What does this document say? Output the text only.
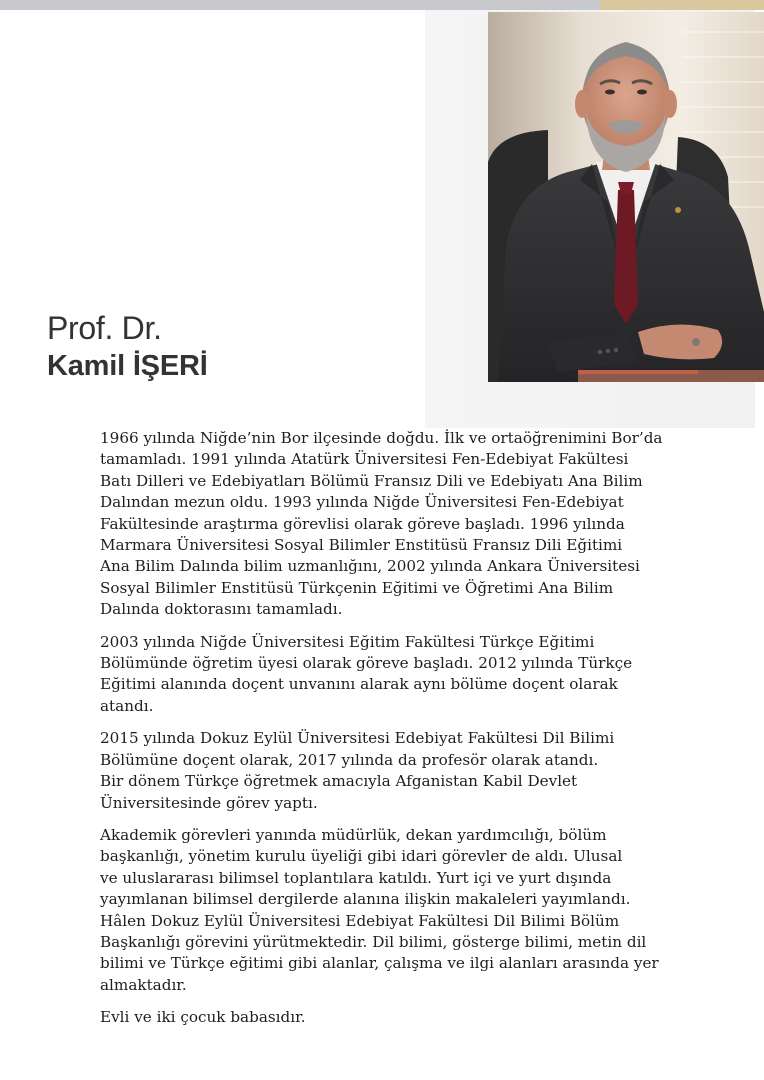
Prof. Dr.
Kamil İŞERİ

1966 yılında Niğde’nin Bor ilçesinde doğdu. İlk ve ortaöğrenimini Bor’da
tamamladı. 1991 yılında Atatürk Üniversitesi Fen-Edebiyat Fakültesi
Batı Dilleri ve Edebiyatları Bölümü Fransız Dili ve Edebiyatı Ana Bilim
Dalından mezun oldu. 1993 yılında Niğde Üniversitesi Fen-Edebiyat
Fakültesinde araştırma görevlisi olarak göreve başladı. 1996 yılında
Marmara Üniversitesi Sosyal Bilimler Enstitüsü Fransız Dili Eğitimi
Ana Bilim Dalında bilim uzmanlığını, 2002 yılında Ankara Üniversitesi
Sosyal Bilimler Enstitüsü Türkçenin Eğitimi ve Öğretimi Ana Bilim
Dalında doktorasını tamamladı.

2003 yılında Niğde Üniversitesi Eğitim Fakültesi Türkçe Eğitimi
Bölümünde öğretim üyesi olarak göreve başladı. 2012 yılında Türkçe
Eğitimi alanında doçent unvanını alarak aynı bölüme doçent olarak
atandı.

2015 yılında Dokuz Eylül Üniversitesi Edebiyat Fakültesi Dil Bilimi
Bölümüne doçent olarak, 2017 yılında da profesör olarak atandı.
Bir dönem Türkçe öğretmek amacıyla Afganistan Kabil Devlet
Üniversitesinde görev yaptı.

Akademik görevleri yanında müdürlük, dekan yardımcılığı, bölüm
başkanlığı, yönetim kurulu üyeliği gibi idari görevler de aldı. Ulusal
ve uluslararası bilimsel toplantılara katıldı. Yurt içi ve yurt dışında
yayımlanan bilimsel dergilerde alanına ilişkin makaleleri yayımlandı.
Hâlen Dokuz Eylül Üniversitesi Edebiyat Fakültesi Dil Bilimi Bölüm
Başkanlığı görevini yürütmektedir. Dil bilimi, gösterge bilimi, metin dil
bilimi ve Türkçe eğitimi gibi alanlar, çalışma ve ilgi alanları arasında yer
almaktadır.

Evli ve iki çocuk babasıdır.
